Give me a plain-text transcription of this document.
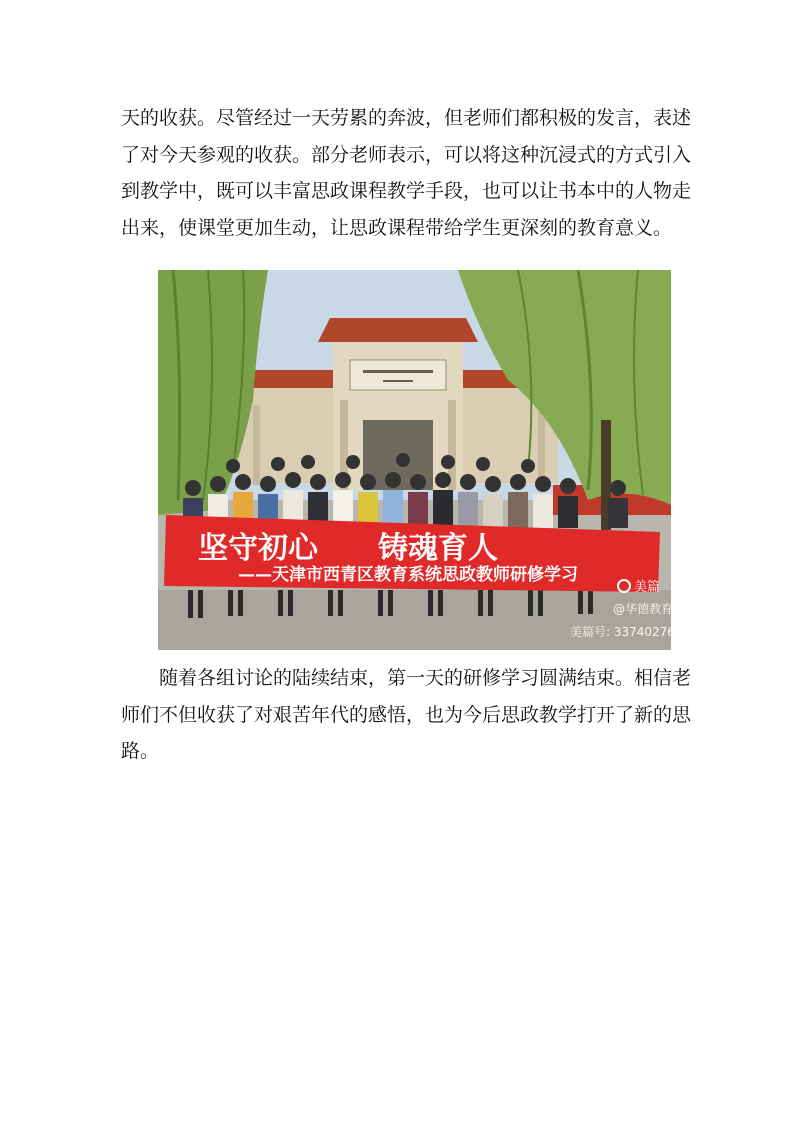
天的收获。尽管经过一天劳累的奔波，但老师们都积极的发言，表述
了对今天参观的收获。部分老师表示，可以将这种沉浸式的方式引入
到教学中，既可以丰富思政课程教学手段，也可以让书本中的人物走
出来，使课堂更加生动，让思政课程带给学生更深刻的教育意义。
坚守初心　　铸魂育人
——天津市西青区教育系统思政教师研修学习
美篇
@华德教育
美篇号: 337402769
　　随着各组讨论的陆续结束，第一天的研修学习圆满结束。相信老
师们不但收获了对艰苦年代的感悟，也为今后思政教学打开了新的思
路。
